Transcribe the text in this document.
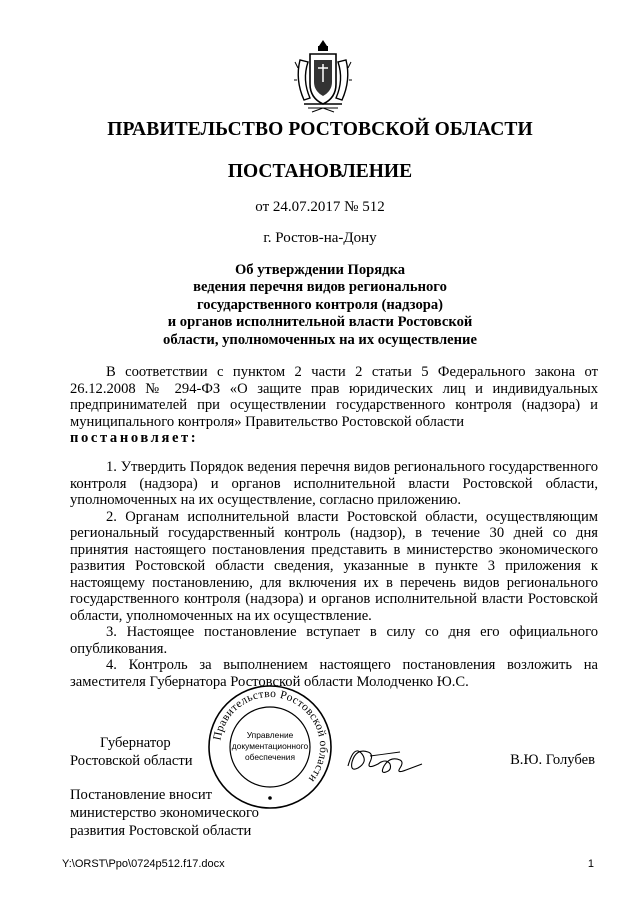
ПРАВИТЕЛЬСТВО РОСТОВСКОЙ ОБЛАСТИ
ПОСТАНОВЛЕНИЕ
от 24.07.2017 № 512
г. Ростов-на-Дону
Об утверждении Порядка
ведения перечня видов регионального
государственного контроля (надзора)
и органов исполнительной власти Ростовской
области, уполномоченных на их осуществление

В соответствии с пунктом 2 части 2 статьи 5 Федерального закона от 26.12.2008 № 294-ФЗ «О защите прав юридических лиц и индивидуальных предпринимателей при осуществлении государственного контроля (надзора) и муниципального контроля» Правительство Ростовской области
постановляет:

1. Утвердить Порядок ведения перечня видов регионального государственного контроля (надзора) и органов исполнительной власти Ростовской области, уполномоченных на их осуществление, согласно приложению.

2. Органам исполнительной власти Ростовской области, осуществляющим региональный государственный контроль (надзор), в течение 30 дней со дня принятия настоящего постановления представить в министерство экономического развития Ростовской области сведения, указанные в пункте 3 приложения к настоящему постановлению, для включения их в перечень видов регионального государственного контроля (надзора) и органов исполнительной власти Ростовской области, уполномоченных на их осуществление.

3. Настоящее постановление вступает в силу со дня его официального опубликования.

4. Контроль за выполнением настоящего постановления возложить на заместителя Губернатора Ростовской области Молодченко Ю.С.

Правительство Ростовской области
Управление
документационного
обеспечения
Губернатор
Ростовской области	В.Ю. Голубев
Постановление вносит
министерство экономического
развития Ростовской области
Y:\ORST\Ppo\0724p512.f17.docx	1
